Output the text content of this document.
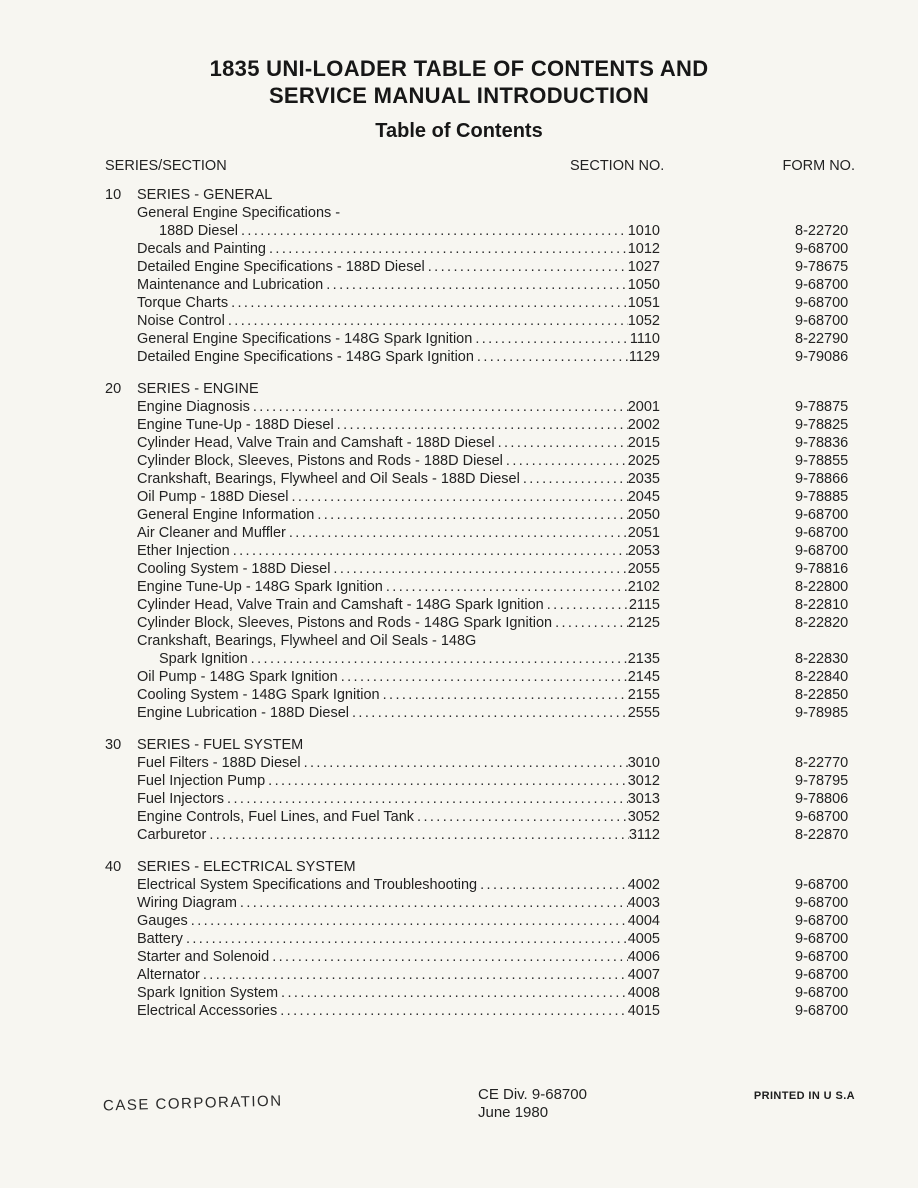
1835 UNI-LOADER TABLE OF CONTENTS AND
SERVICE MANUAL INTRODUCTION
Table of Contents
SERIES/SECTION	SECTION NO.	FORM NO.
10	SERIES - GENERAL
General Engine Specifications -
188D Diesel .....	1010	8-22720
Decals and Painting .....	1012	9-68700
Detailed Engine Specifications - 188D Diesel .....	1027	9-78675
Maintenance and Lubrication .....	1050	9-68700
Torque Charts .....	1051	9-68700
Noise Control .....	1052	9-68700
General Engine Specifications - 148G Spark Ignition .....	1110	8-22790
Detailed Engine Specifications - 148G Spark Ignition .....	1129	9-79086
20	SERIES - ENGINE
Engine Diagnosis .....	2001	9-78875
Engine Tune-Up - 188D Diesel .....	2002	9-78825
Cylinder Head, Valve Train and Camshaft - 188D Diesel .....	2015	9-78836
Cylinder Block, Sleeves, Pistons and Rods - 188D Diesel .....	2025	9-78855
Crankshaft, Bearings, Flywheel and Oil Seals - 188D Diesel .....	2035	9-78866
Oil Pump - 188D Diesel .....	2045	9-78885
General Engine Information .....	2050	9-68700
Air Cleaner and Muffler .....	2051	9-68700
Ether Injection .....	2053	9-68700
Cooling System - 188D Diesel .....	2055	9-78816
Engine Tune-Up - 148G Spark Ignition .....	2102	8-22800
Cylinder Head, Valve Train and Camshaft - 148G Spark Ignition .....	2115	8-22810
Cylinder Block, Sleeves, Pistons and Rods - 148G Spark Ignition .....	2125	8-22820
Crankshaft, Bearings, Flywheel and Oil Seals - 148G
Spark Ignition .....	2135	8-22830
Oil Pump - 148G Spark Ignition .....	2145	8-22840
Cooling System - 148G Spark Ignition .....	2155	8-22850
Engine Lubrication - 188D Diesel .....	2555	9-78985
30	SERIES - FUEL SYSTEM
Fuel Filters - 188D Diesel .....	3010	8-22770
Fuel Injection Pump .....	3012	9-78795
Fuel Injectors .....	3013	9-78806
Engine Controls, Fuel Lines, and Fuel Tank .....	3052	9-68700
Carburetor .....	3112	8-22870
40	SERIES - ELECTRICAL SYSTEM
Electrical System Specifications and Troubleshooting .....	4002	9-68700
Wiring Diagram .....	4003	9-68700
Gauges .....	4004	9-68700
Battery .....	4005	9-68700
Starter and Solenoid .....	4006	9-68700
Alternator .....	4007	9-68700
Spark Ignition System .....	4008	9-68700
Electrical Accessories .....	4015	9-68700
CASE CORPORATION	CE Div. 9-68700
June 1980
PRINTED IN U S.A
